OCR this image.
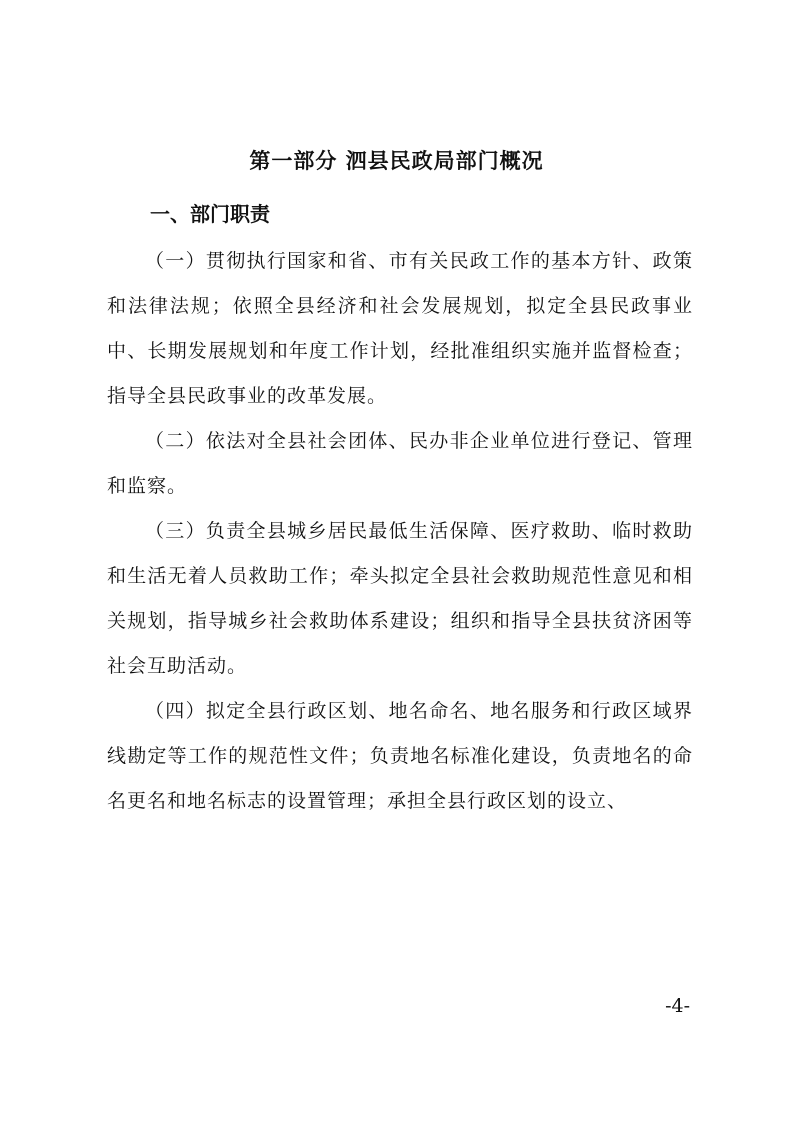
第一部分 泗县民政局部门概况
一、部门职责

（一）贯彻执行国家和省、市有关民政工作的基本方针、政策和法律法规；依照全县经济和社会发展规划，拟定全县民政事业中、长期发展规划和年度工作计划，经批准组织实施并监督检查；指导全县民政事业的改革发展。

（二）依法对全县社会团体、民办非企业单位进行登记、管理和监察。

（三）负责全县城乡居民最低生活保障、医疗救助、临时救助和生活无着人员救助工作；牵头拟定全县社会救助规范性意见和相关规划，指导城乡社会救助体系建设；组织和指导全县扶贫济困等社会互助活动。

（四）拟定全县行政区划、地名命名、地名服务和行政区域界线勘定等工作的规范性文件；负责地名标准化建设，负责地名的命名更名和地名标志的设置管理；承担全县行政区划的设立、

-4-
